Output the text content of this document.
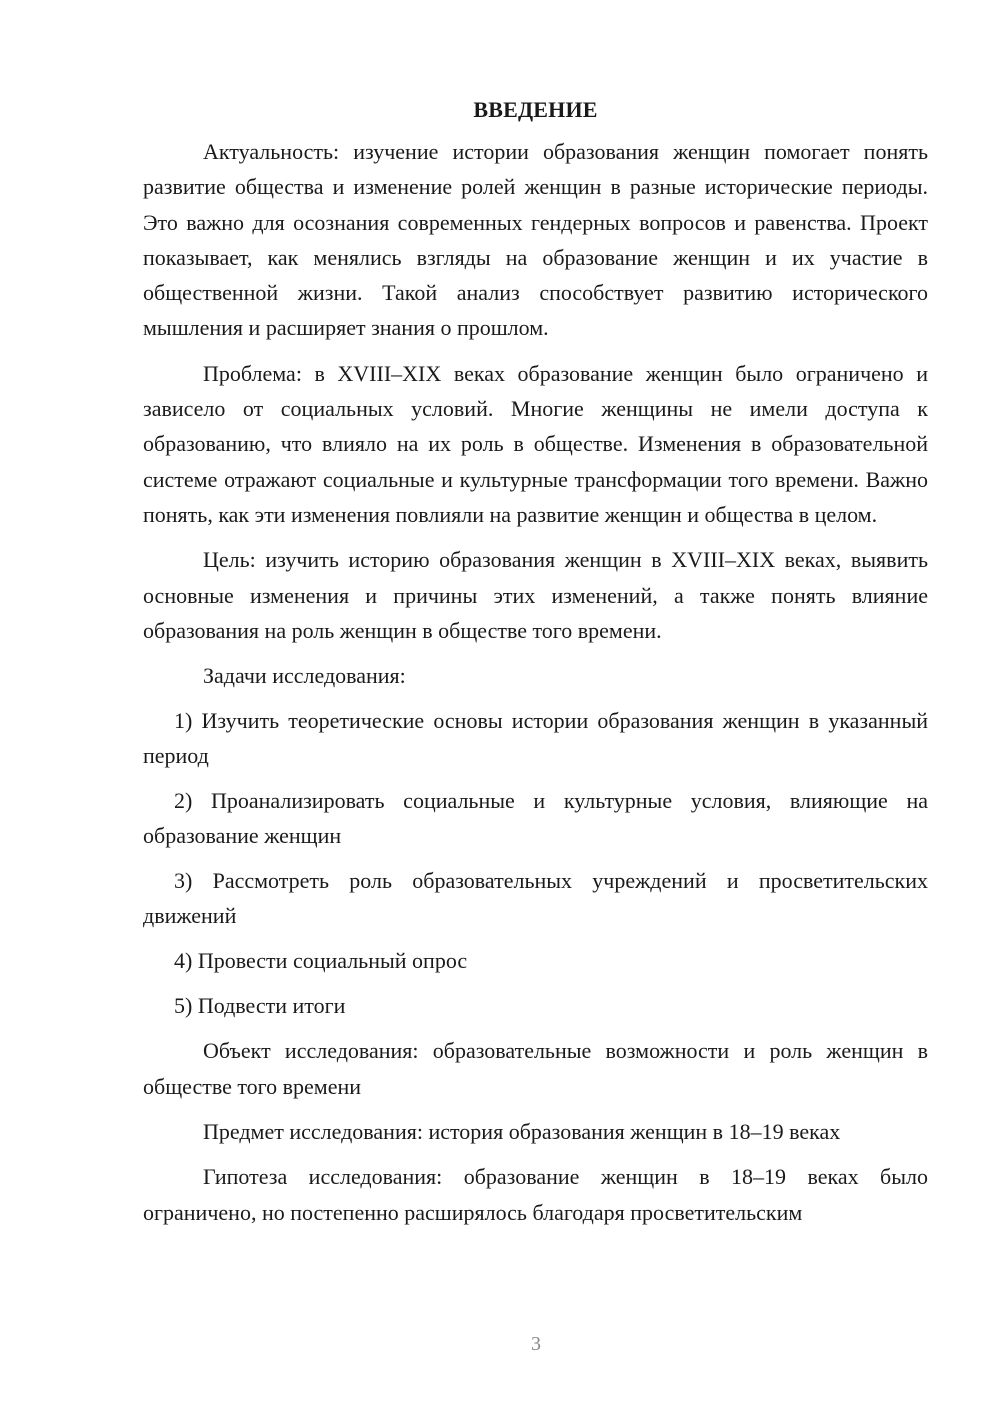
ВВЕДЕНИЕ

Актуальность: изучение истории образования женщин помогает понять развитие общества и изменение ролей женщин в разные исторические периоды. Это важно для осознания современных гендерных вопросов и равенства. Проект показывает, как менялись взгляды на образование женщин и их участие в общественной жизни. Такой анализ способствует развитию исторического мышления и расширяет знания о прошлом.

Проблема: в XVIII–XIX веках образование женщин было ограничено и зависело от социальных условий. Многие женщины не имели доступа к образованию, что влияло на их роль в обществе. Изменения в образовательной системе отражают социальные и культурные трансформации того времени. Важно понять, как эти изменения повлияли на развитие женщин и общества в целом.

Цель: изучить историю образования женщин в XVIII–XIX веках, выявить основные изменения и причины этих изменений, а также понять влияние образования на роль женщин в обществе того времени.

Задачи исследования:

1) Изучить теоретические основы истории образования женщин в указанный период

2) Проанализировать социальные и культурные условия, влияющие на образование женщин

3) Рассмотреть роль образовательных учреждений и просветительских движений

4) Провести социальный опрос

5) Подвести итоги

Объект исследования: образовательные возможности и роль женщин в обществе того времени

Предмет исследования: история образования женщин в 18–19 веках

Гипотеза исследования: образование женщин в 18–19 веках было ограничено, но постепенно расширялось благодаря просветительским

3
